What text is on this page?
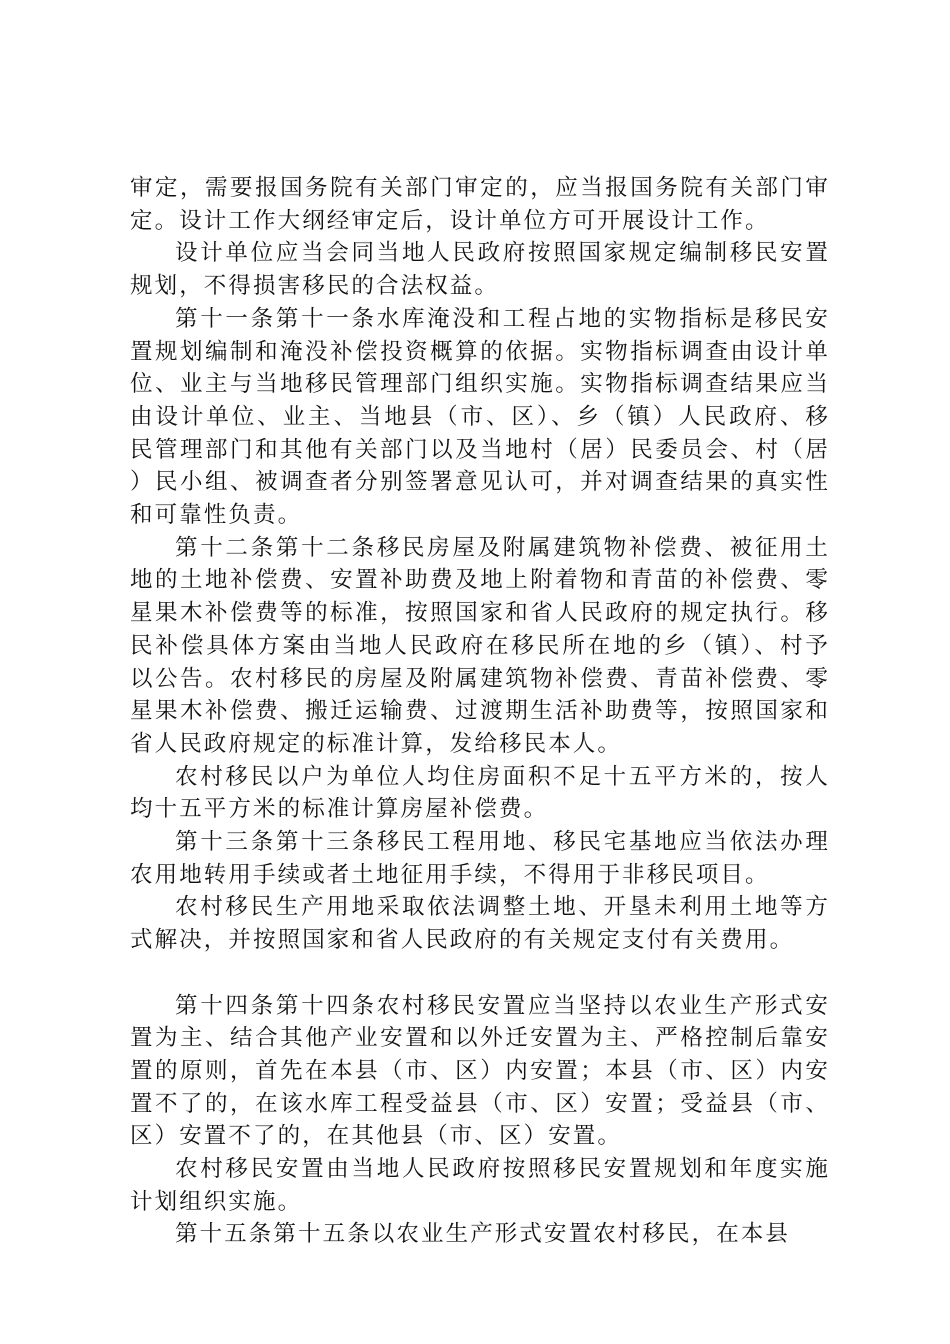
审定，需要报国务院有关部门审定的，应当报国务院有关部门审定。设计工作大纲经审定后，设计单位方可开展设计工作。

设计单位应当会同当地人民政府按照国家规定编制移民安置规划，不得损害移民的合法权益。

第十一条第十一条水库淹没和工程占地的实物指标是移民安置规划编制和淹没补偿投资概算的依据。实物指标调查由设计单位、业主与当地移民管理部门组织实施。实物指标调查结果应当由设计单位、业主、当地县（市、区）、乡（镇）人民政府、移民管理部门和其他有关部门以及当地村（居）民委员会、村（居）民小组、被调查者分别签署意见认可，并对调查结果的真实性和可靠性负责。

第十二条第十二条移民房屋及附属建筑物补偿费、被征用土地的土地补偿费、安置补助费及地上附着物和青苗的补偿费、零星果木补偿费等的标准，按照国家和省人民政府的规定执行。移民补偿具体方案由当地人民政府在移民所在地的乡（镇）、村予以公告。农村移民的房屋及附属建筑物补偿费、青苗补偿费、零星果木补偿费、搬迁运输费、过渡期生活补助费等，按照国家和省人民政府规定的标准计算，发给移民本人。

农村移民以户为单位人均住房面积不足十五平方米的，按人均十五平方米的标准计算房屋补偿费。

第十三条第十三条移民工程用地、移民宅基地应当依法办理农用地转用手续或者土地征用手续，不得用于非移民项目。

农村移民生产用地采取依法调整土地、开垦未利用土地等方式解决，并按照国家和省人民政府的有关规定支付有关费用。

第十四条第十四条农村移民安置应当坚持以农业生产形式安置为主、结合其他产业安置和以外迁安置为主、严格控制后靠安置的原则，首先在本县（市、区）内安置；本县（市、区）内安置不了的，在该水库工程受益县（市、区）安置；受益县（市、区）安置不了的，在其他县（市、区）安置。

农村移民安置由当地人民政府按照移民安置规划和年度实施计划组织实施。

第十五条第十五条以农业生产形式安置农村移民，在本县
